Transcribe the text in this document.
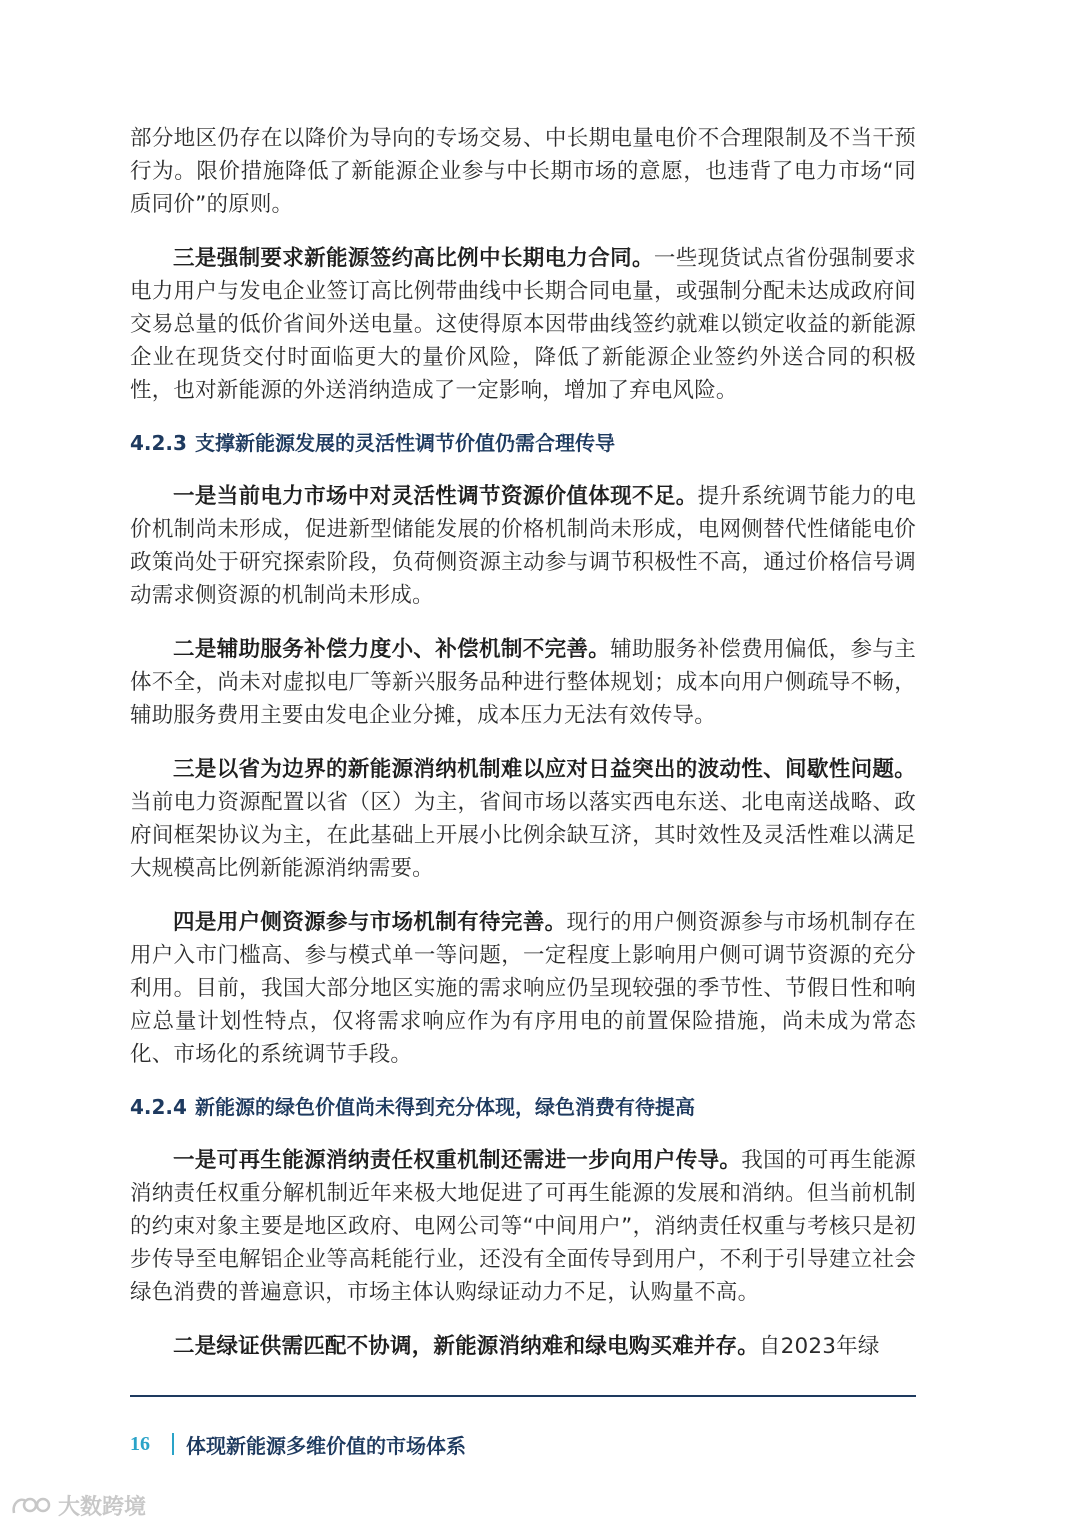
部分地区仍存在以降价为导向的专场交易、中长期电量电价不合理限制及不当干预行为。限价措施降低了新能源企业参与中长期市场的意愿，也违背了电力市场“同质同价”的原则。

三是强制要求新能源签约高比例中长期电力合同。一些现货试点省份强制要求电力用户与发电企业签订高比例带曲线中长期合同电量，或强制分配未达成政府间交易总量的低价省间外送电量。这使得原本因带曲线签约就难以锁定收益的新能源企业在现货交付时面临更大的量价风险，降低了新能源企业签约外送合同的积极性，也对新能源的外送消纳造成了一定影响，增加了弃电风险。

4.2.3 支撑新能源发展的灵活性调节价值仍需合理传导

一是当前电力市场中对灵活性调节资源价值体现不足。提升系统调节能力的电价机制尚未形成，促进新型储能发展的价格机制尚未形成，电网侧替代性储能电价政策尚处于研究探索阶段，负荷侧资源主动参与调节积极性不高，通过价格信号调动需求侧资源的机制尚未形成。

二是辅助服务补偿力度小、补偿机制不完善。辅助服务补偿费用偏低，参与主体不全，尚未对虚拟电厂等新兴服务品种进行整体规划；成本向用户侧疏导不畅，辅助服务费用主要由发电企业分摊，成本压力无法有效传导。

三是以省为边界的新能源消纳机制难以应对日益突出的波动性、间歇性问题。当前电力资源配置以省（区）为主，省间市场以落实西电东送、北电南送战略、政府间框架协议为主，在此基础上开展小比例余缺互济，其时效性及灵活性难以满足大规模高比例新能源消纳需要。

四是用户侧资源参与市场机制有待完善。现行的用户侧资源参与市场机制存在用户入市门槛高、参与模式单一等问题，一定程度上影响用户侧可调节资源的充分利用。目前，我国大部分地区实施的需求响应仍呈现较强的季节性、节假日性和响应总量计划性特点，仅将需求响应作为有序用电的前置保险措施，尚未成为常态化、市场化的系统调节手段。

4.2.4 新能源的绿色价值尚未得到充分体现，绿色消费有待提高

一是可再生能源消纳责任权重机制还需进一步向用户传导。我国的可再生能源消纳责任权重分解机制近年来极大地促进了可再生能源的发展和消纳。但当前机制的约束对象主要是地区政府、电网公司等“中间用户”，消纳责任权重与考核只是初步传导至电解铝企业等高耗能行业，还没有全面传导到用户，不利于引导建立社会绿色消费的普遍意识，市场主体认购绿证动力不足，认购量不高。

二是绿证供需匹配不协调，新能源消纳难和绿电购买难并存。自2023年绿

16 体现新能源多维价值的市场体系
大数跨境
